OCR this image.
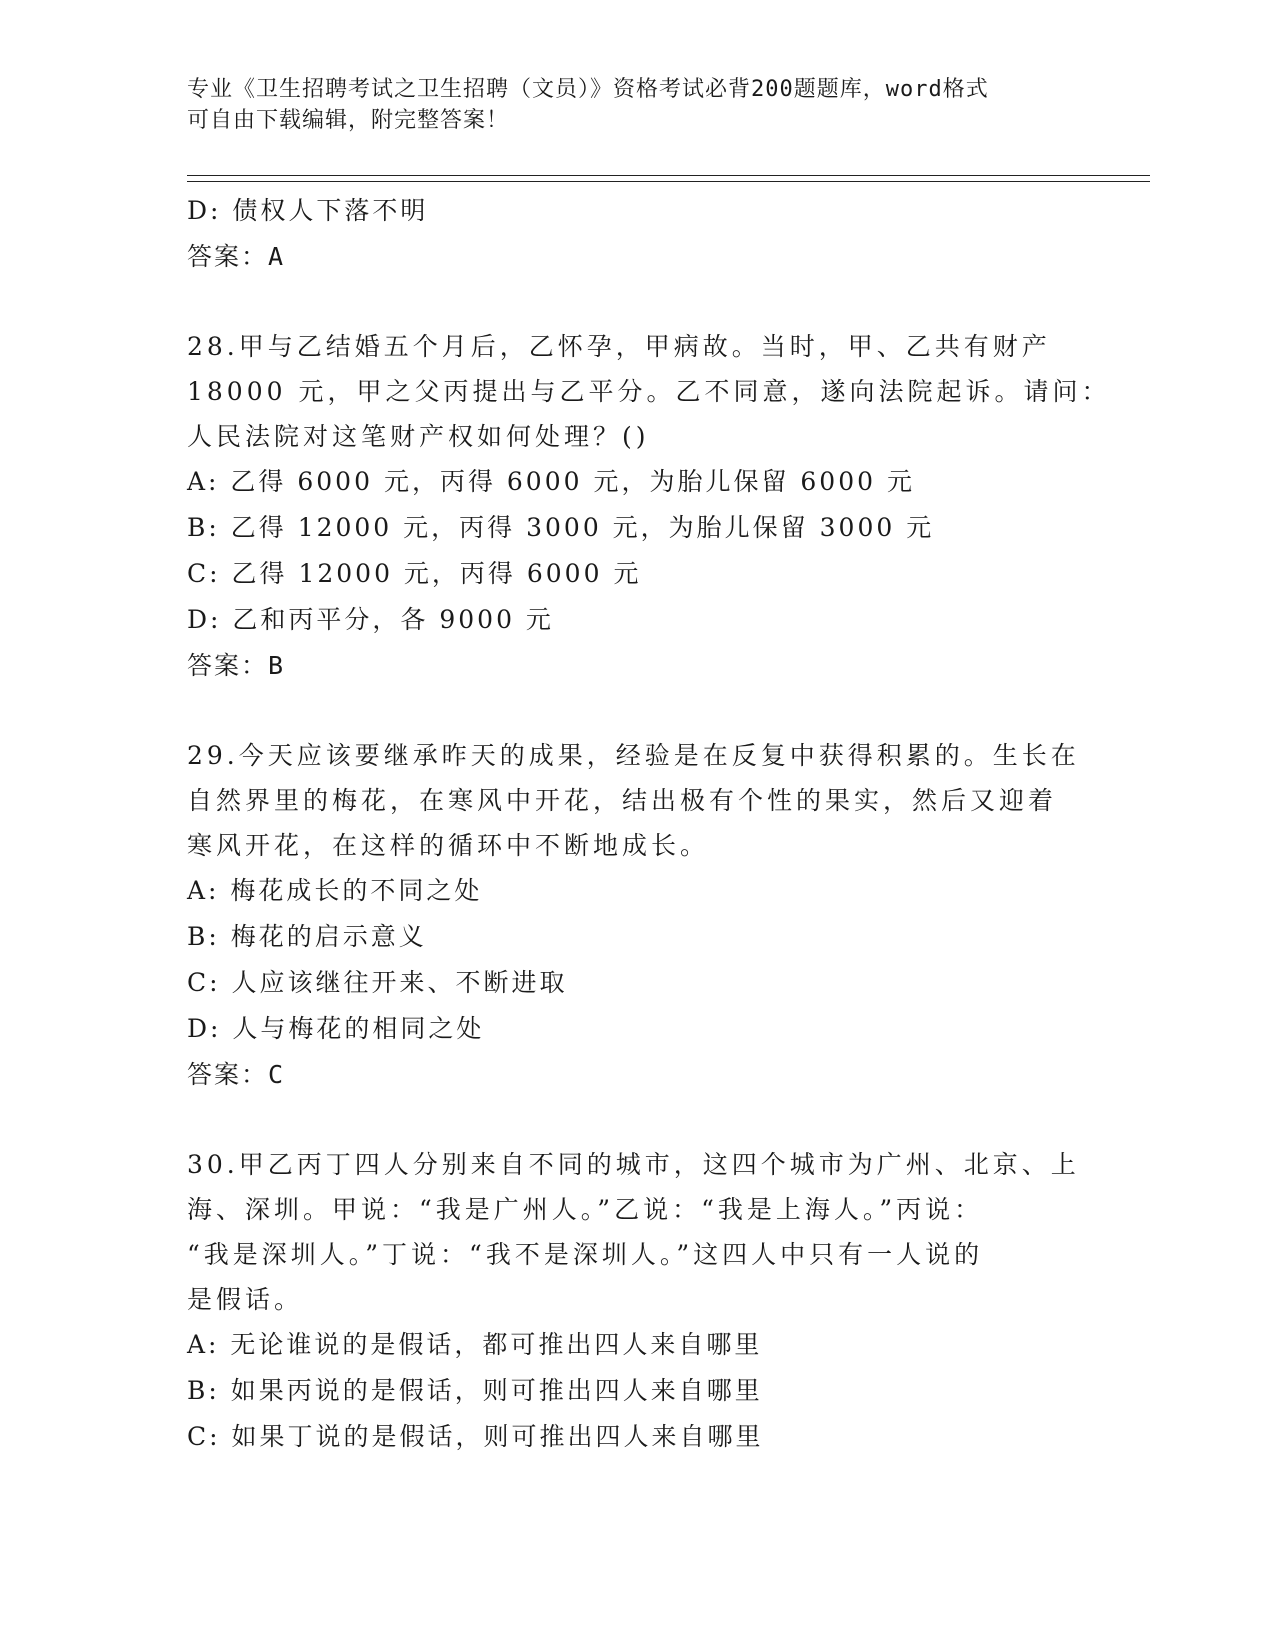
专业《卫生招聘考试之卫生招聘（文员）》资格考试必背200题题库，word格式
可自由下载编辑，附完整答案！
D: 债权人下落不明
答案：A
28.甲与乙结婚五个月后，乙怀孕，甲病故。当时，甲、乙共有财产
18000 元，甲之父丙提出与乙平分。乙不同意，遂向法院起诉。请问：
人民法院对这笔财产权如何处理？()
A: 乙得 6000 元，丙得 6000 元，为胎儿保留 6000 元
B: 乙得 12000 元，丙得 3000 元，为胎儿保留 3000 元
C: 乙得 12000 元，丙得 6000 元
D: 乙和丙平分，各 9000 元
答案：B
29.今天应该要继承昨天的成果，经验是在反复中获得积累的。生长在
自然界里的梅花，在寒风中开花，结出极有个性的果实，然后又迎着
寒风开花，在这样的循环中不断地成长。
A: 梅花成长的不同之处
B: 梅花的启示意义
C: 人应该继往开来、不断进取
D: 人与梅花的相同之处
答案：C
30.甲乙丙丁四人分别来自不同的城市，这四个城市为广州、北京、上
海、深圳。甲说：“我是广州人。”乙说：“我是上海人。”丙说：
“我是深圳人。”丁说：“我不是深圳人。”这四人中只有一人说的
是假话。
A: 无论谁说的是假话，都可推出四人来自哪里
B: 如果丙说的是假话，则可推出四人来自哪里
C: 如果丁说的是假话，则可推出四人来自哪里
